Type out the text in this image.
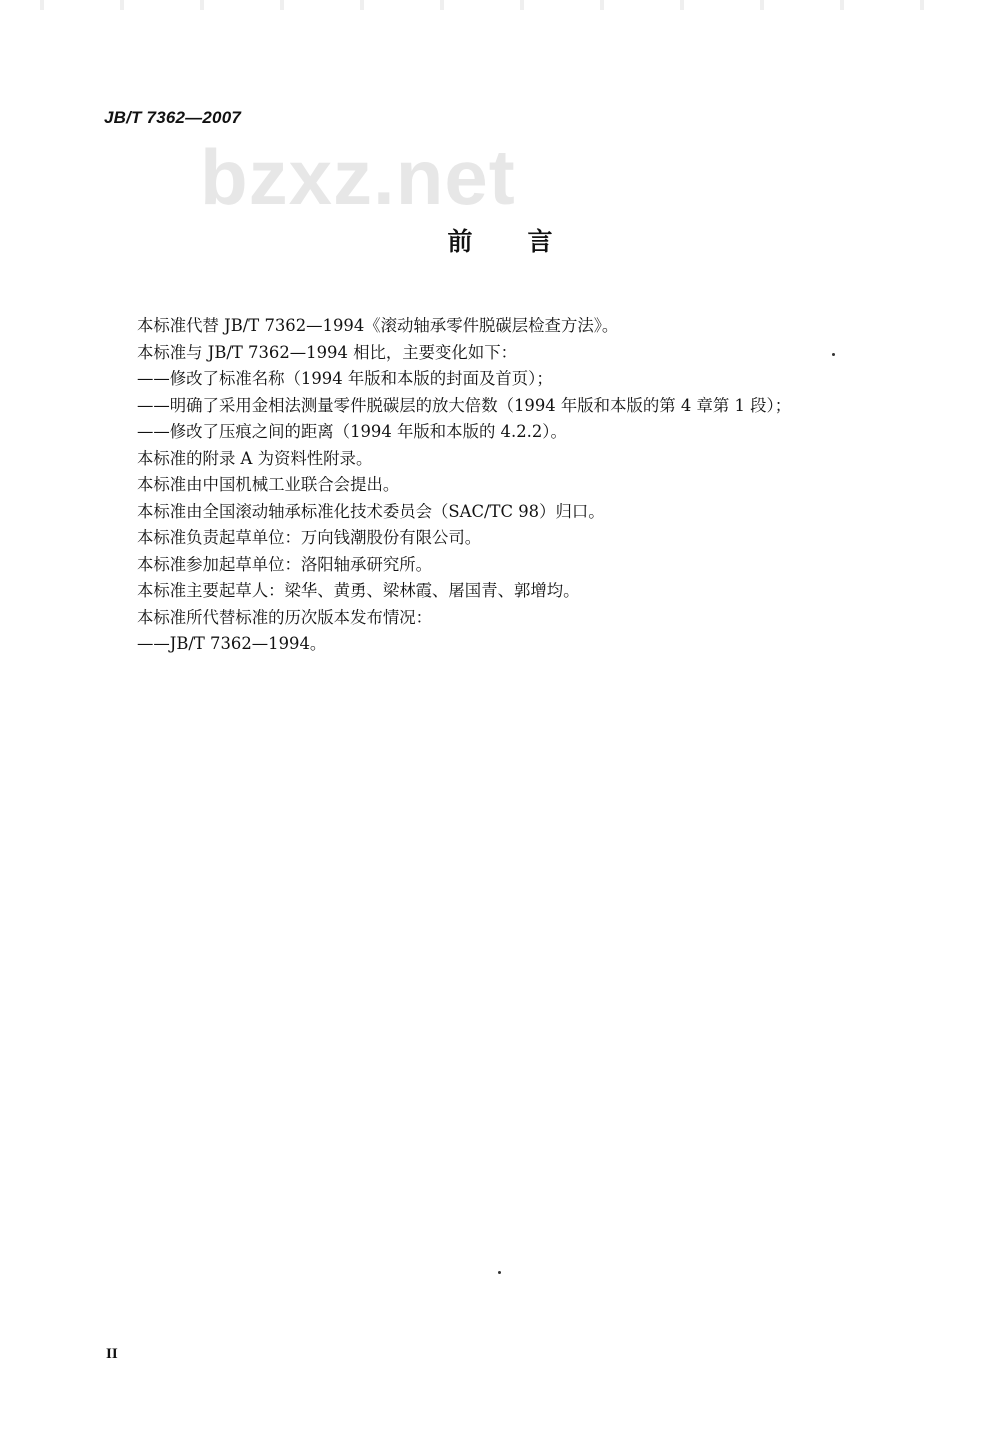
JB/T 7362—2007
bzxz.net
前言
本标准代替 JB/T 7362—1994《滚动轴承零件脱碳层检查方法》。
本标准与 JB/T 7362—1994 相比，主要变化如下：
——修改了标准名称（1994 年版和本版的封面及首页）；
——明确了采用金相法测量零件脱碳层的放大倍数（1994 年版和本版的第 4 章第 1 段）；
——修改了压痕之间的距离（1994 年版和本版的 4.2.2）。
本标准的附录 A 为资料性附录。
本标准由中国机械工业联合会提出。
本标准由全国滚动轴承标准化技术委员会（SAC/TC 98）归口。
本标准负责起草单位：万向钱潮股份有限公司。
本标准参加起草单位：洛阳轴承研究所。
本标准主要起草人：梁华、黄勇、梁林霞、屠国青、郭增均。
本标准所代替标准的历次版本发布情况：
——JB/T 7362—1994。
II
